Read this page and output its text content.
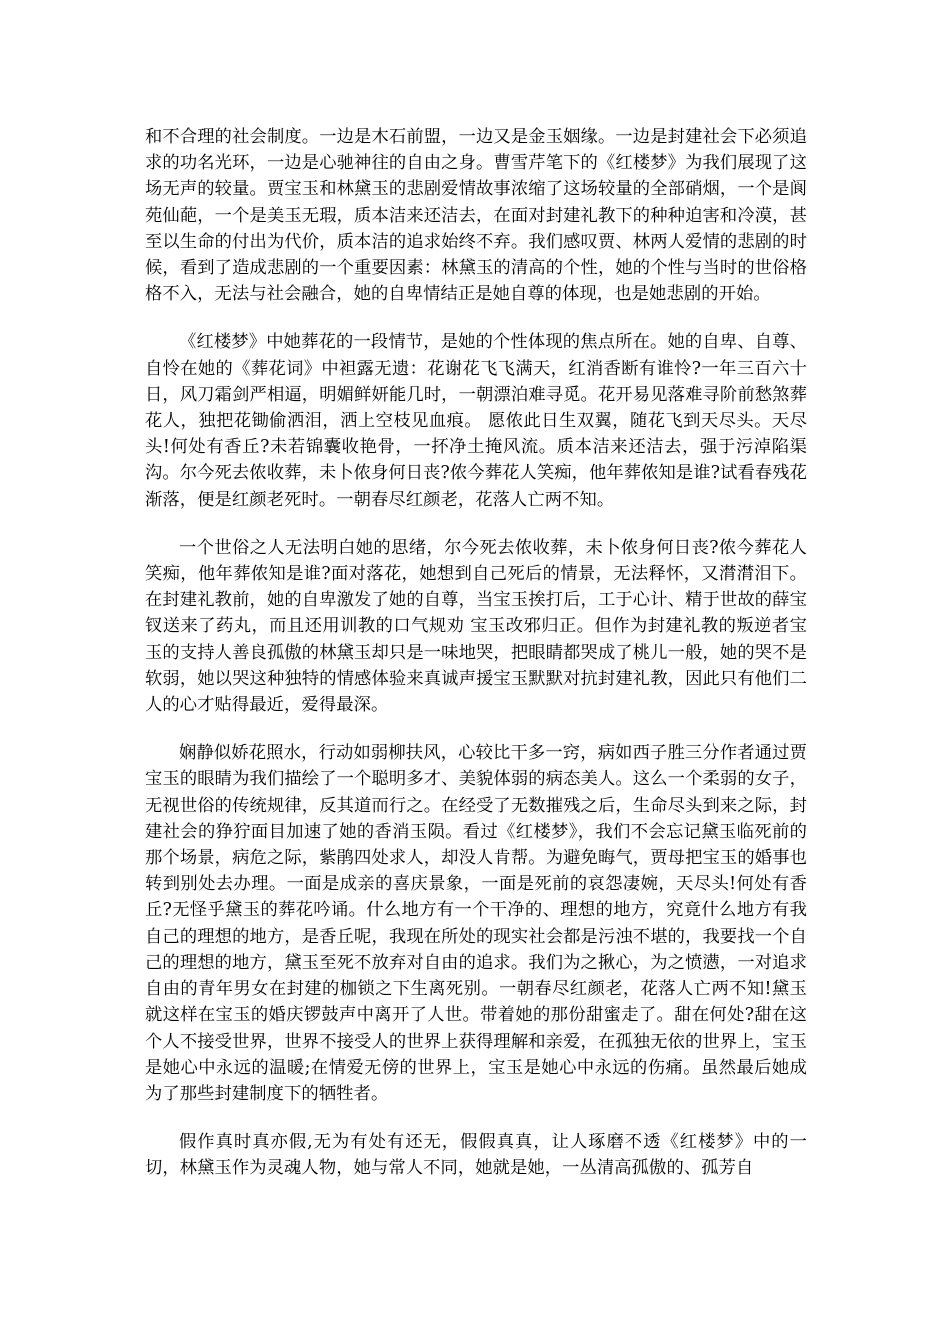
和不合理的社会制度。一边是木石前盟，一边又是金玉姻缘。一边是封建社会下必须追求的功名光环，一边是心驰神往的自由之身。曹雪芹笔下的《红楼梦》为我们展现了这场无声的较量。贾宝玉和林黛玉的悲剧爱情故事浓缩了这场较量的全部硝烟，一个是阆苑仙葩，一个是美玉无瑕，质本洁来还洁去，在面对封建礼教下的种种迫害和冷漠，甚至以生命的付出为代价，质本洁的追求始终不弃。我们感叹贾、林两人爱情的悲剧的时候，看到了造成悲剧的一个重要因素：林黛玉的清高的个性，她的个性与当时的世俗格格不入，无法与社会融合，她的自卑情结正是她自尊的体现，也是她悲剧的开始。

《红楼梦》中她葬花的一段情节，是她的个性体现的焦点所在。她的自卑、自尊、自怜在她的《葬花词》中袒露无遗：花谢花飞飞满天，红消香断有谁怜?一年三百六十日，风刀霜剑严相逼，明媚鲜妍能几时，一朝漂泊难寻觅。花开易见落难寻阶前愁煞葬花人，独把花锄偷洒泪，洒上空枝见血痕。 愿侬此日生双翼，随花飞到天尽头。天尽头!何处有香丘?未若锦囊收艳骨，一抔净土掩风流。质本洁来还洁去，强于污淖陷渠沟。尔今死去侬收葬，未卜侬身何日丧?侬今葬花人笑痴，他年葬侬知是谁?试看春残花渐落，便是红颜老死时。一朝春尽红颜老，花落人亡两不知。

一个世俗之人无法明白她的思绪，尔今死去侬收葬，未卜侬身何日丧?侬今葬花人笑痴，他年葬侬知是谁?面对落花，她想到自己死后的情景，无法释怀，又潸潸泪下。在封建礼教前，她的自卑激发了她的自尊，当宝玉挨打后，工于心计、精于世故的薛宝钗送来了药丸，而且还用训教的口气规劝 宝玉改邪归正。但作为封建礼教的叛逆者宝玉的支持人善良孤傲的林黛玉却只是一味地哭，把眼睛都哭成了桃儿一般，她的哭不是软弱，她以哭这种独特的情感体验来真诚声援宝玉默默对抗封建礼教，因此只有他们二人的心才贴得最近，爱得最深。

娴静似娇花照水，行动如弱柳扶风，心较比干多一窍，病如西子胜三分作者通过贾宝玉的眼睛为我们描绘了一个聪明多才、美貌体弱的病态美人。这么一个柔弱的女子，无视世俗的传统规律，反其道而行之。在经受了无数摧残之后，生命尽头到来之际，封建社会的狰狞面目加速了她的香消玉陨。看过《红楼梦》，我们不会忘记黛玉临死前的那个场景，病危之际，紫鹃四处求人，却没人肯帮。为避免晦气，贾母把宝玉的婚事也转到别处去办理。一面是成亲的喜庆景象，一面是死前的哀怨凄婉，天尽头!何处有香丘?无怪乎黛玉的葬花吟诵。什么地方有一个干净的、理想的地方，究竟什么地方有我自己的理想的地方，是香丘呢，我现在所处的现实社会都是污浊不堪的，我要找一个自己的理想的地方，黛玉至死不放弃对自由的追求。我们为之揪心，为之愤懑，一对追求自由的青年男女在封建的枷锁之下生离死别。一朝春尽红颜老，花落人亡两不知!黛玉就这样在宝玉的婚庆锣鼓声中离开了人世。带着她的那份甜蜜走了。甜在何处?甜在这个人不接受世界，世界不接受人的世界上获得理解和亲爱，在孤独无依的世界上，宝玉是她心中永远的温暖;在情爱无傍的世界上，宝玉是她心中永远的伤痛。虽然最后她成为了那些封建制度下的牺牲者。

假作真时真亦假,无为有处有还无，假假真真，让人琢磨不透《红楼梦》中的一切，林黛玉作为灵魂人物，她与常人不同，她就是她，一丛清高孤傲的、孤芳自
